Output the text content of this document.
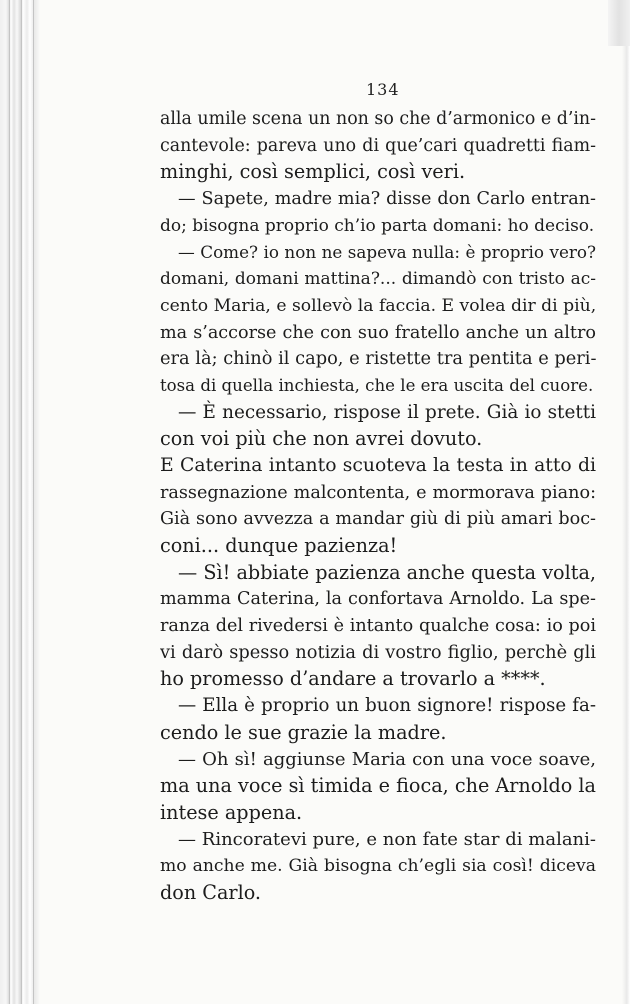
134
alla umile scena un non so che d’armonico e d’in-
cantevole: pareva uno di que’cari quadretti fiam-
minghi, così semplici, così veri.
— Sapete, madre mia? disse don Carlo entran-
do; bisogna proprio ch’io parta domani: ho deciso.
— Come? io non ne sapeva nulla: è proprio vero?
domani, domani mattina?... dimandò con tristo ac-
cento Maria, e sollevò la faccia. E volea dir di più,
ma s’accorse che con suo fratello anche un altro
era là; chinò il capo, e ristette tra pentita e peri-
tosa di quella inchiesta, che le era uscita del cuore.
— È necessario, rispose il prete. Già io stetti
con voi più che non avrei dovuto.
E Caterina intanto scuoteva la testa in atto di
rassegnazione malcontenta, e mormorava piano:
Già sono avvezza a mandar giù di più amari boc-
coni... dunque pazienza!
— Sì! abbiate pazienza anche questa volta,
mamma Caterina, la confortava Arnoldo. La spe-
ranza del rivedersi è intanto qualche cosa: io poi
vi darò spesso notizia di vostro figlio, perchè gli
ho promesso d’andare a trovarlo a ****.
— Ella è proprio un buon signore! rispose fa-
cendo le sue grazie la madre.
— Oh sì! aggiunse Maria con una voce soave,
ma una voce sì timida e fioca, che Arnoldo la
intese appena.
— Rincoratevi pure, e non fate star di malani-
mo anche me. Già bisogna ch’egli sia così! diceva
don Carlo.
